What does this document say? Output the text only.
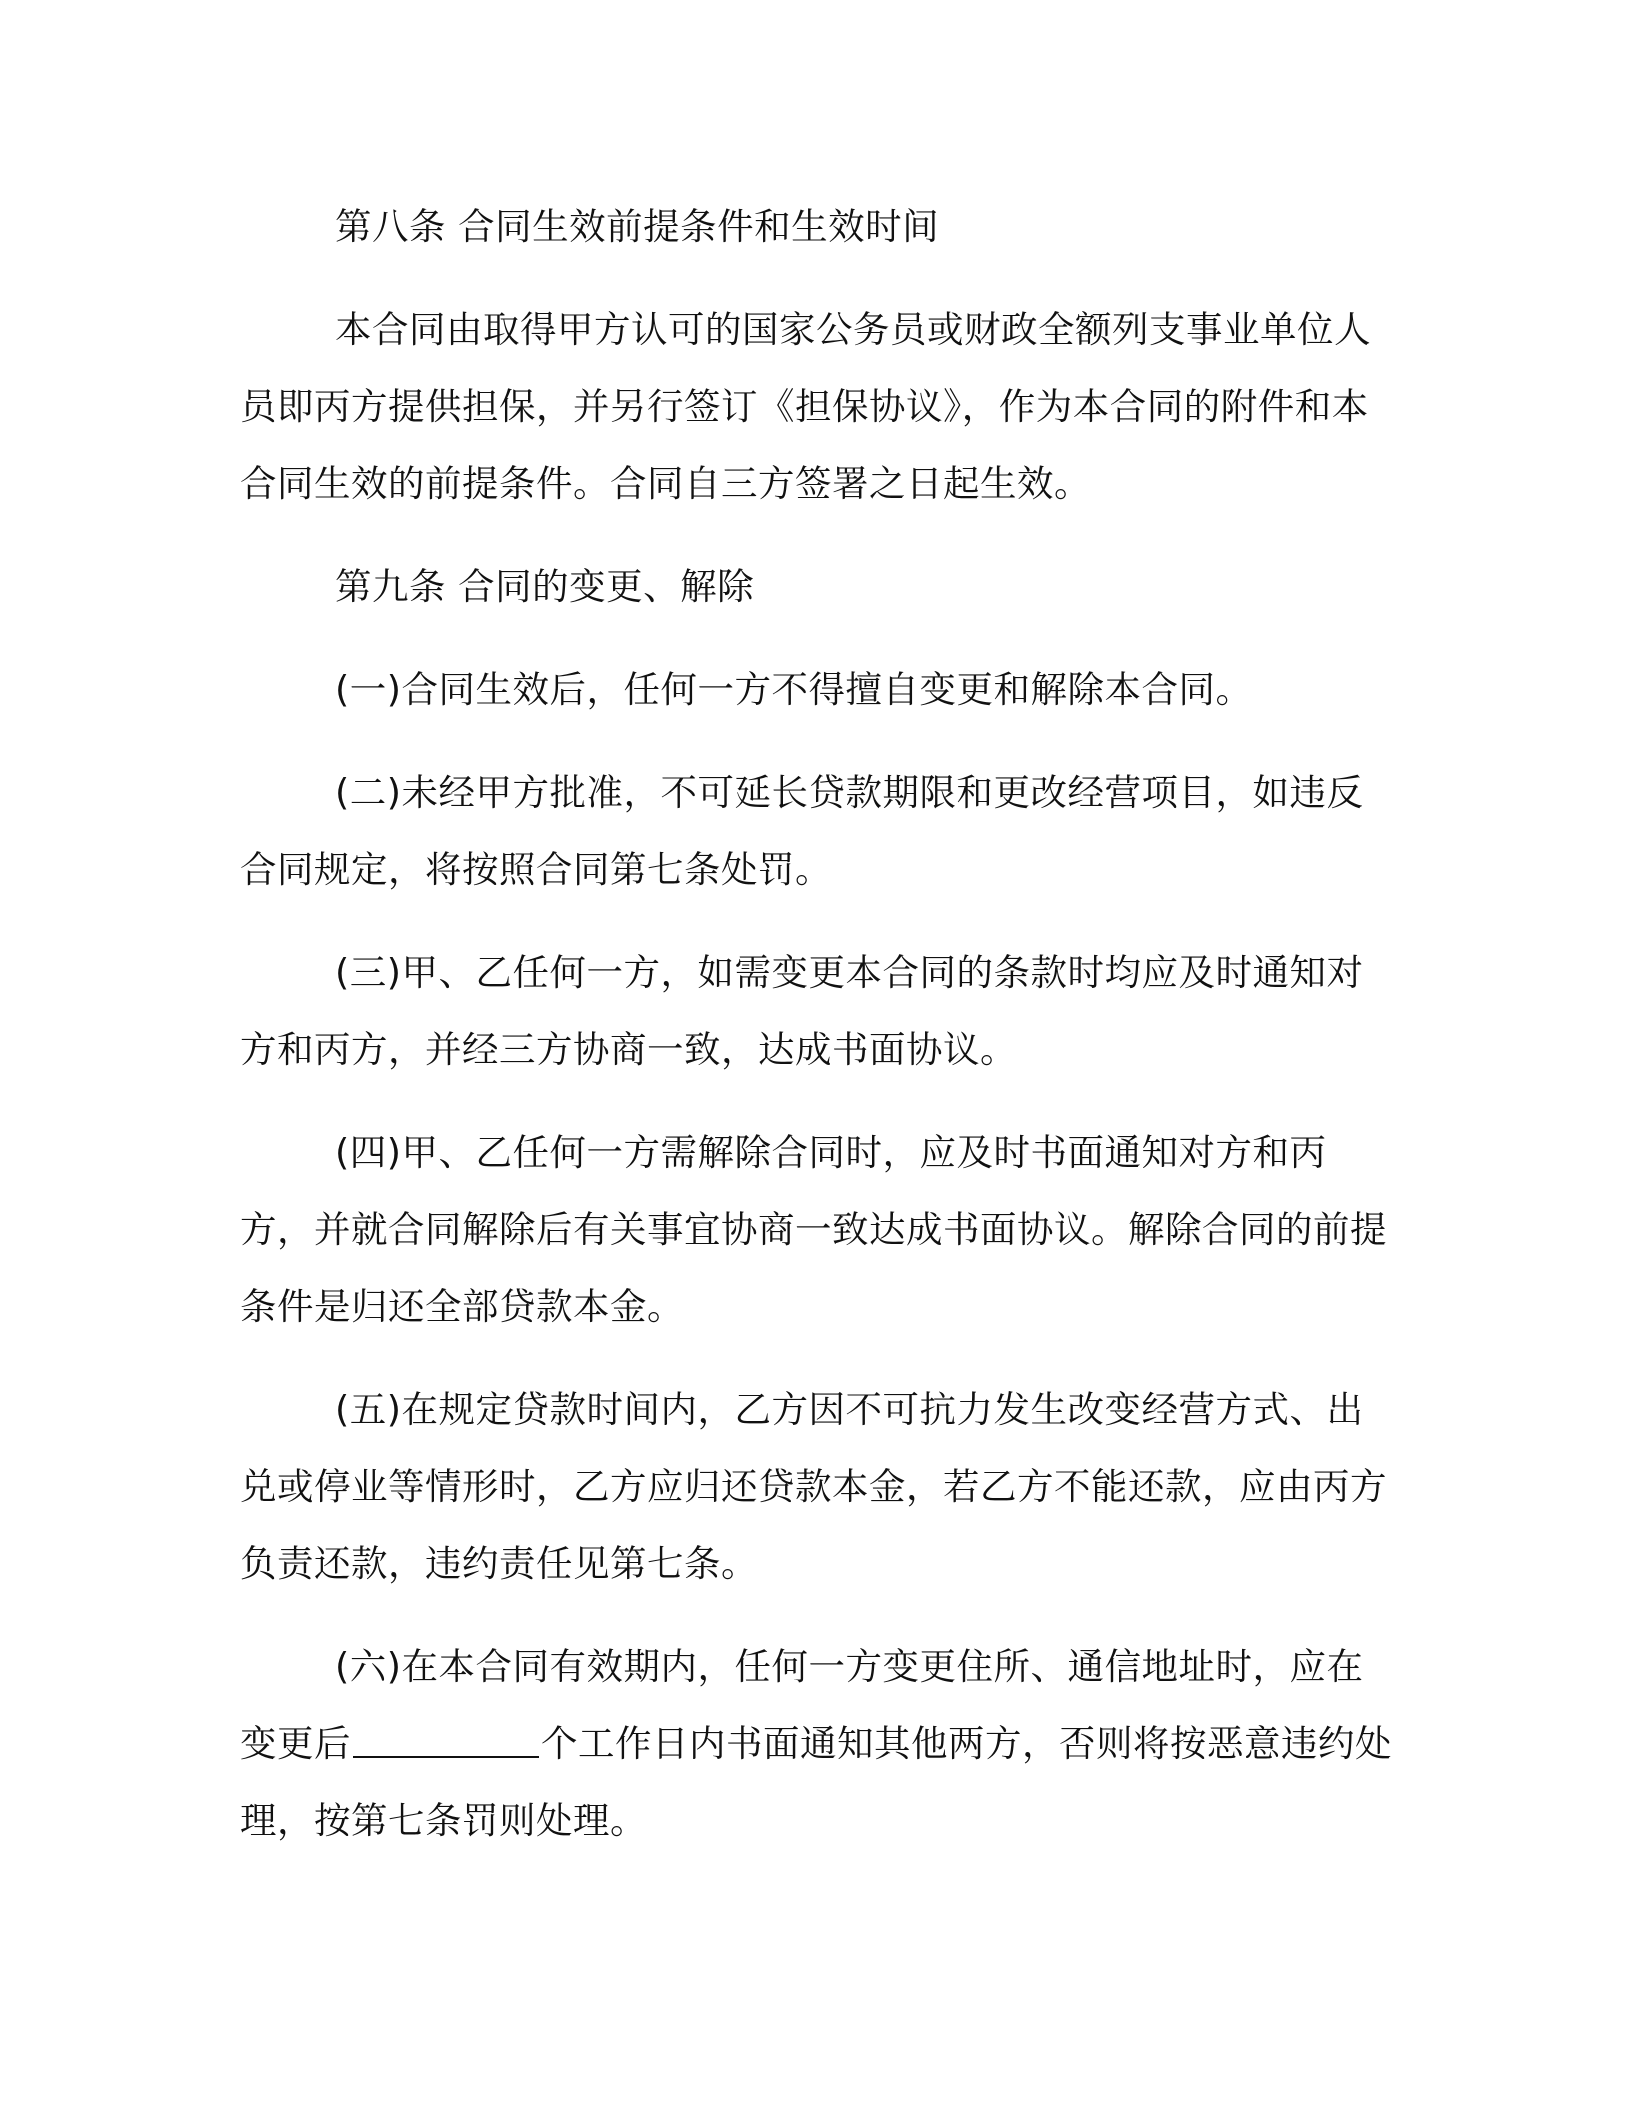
第八条 合同生效前提条件和生效时间

本合同由取得甲方认可的国家公务员或财政全额列支事业单位人员即丙方提供担保，并另行签订《担保协议》，作为本合同的附件和本合同生效的前提条件。合同自三方签署之日起生效。

第九条 合同的变更、解除

(一)合同生效后，任何一方不得擅自变更和解除本合同。

(二)未经甲方批准，不可延长贷款期限和更改经营项目，如违反合同规定，将按照合同第七条处罚。

(三)甲、乙任何一方，如需变更本合同的条款时均应及时通知对方和丙方，并经三方协商一致，达成书面协议。

(四)甲、乙任何一方需解除合同时，应及时书面通知对方和丙方，并就合同解除后有关事宜协商一致达成书面协议。解除合同的前提条件是归还全部贷款本金。

(五)在规定贷款时间内，乙方因不可抗力发生改变经营方式、出兑或停业等情形时，乙方应归还贷款本金，若乙方不能还款，应由丙方负责还款，违约责任见第七条。

(六)在本合同有效期内，任何一方变更住所、通信地址时，应在变更后	个工作日内书面通知其他两方，否则将按恶意违约处理，按第七条罚则处理。
